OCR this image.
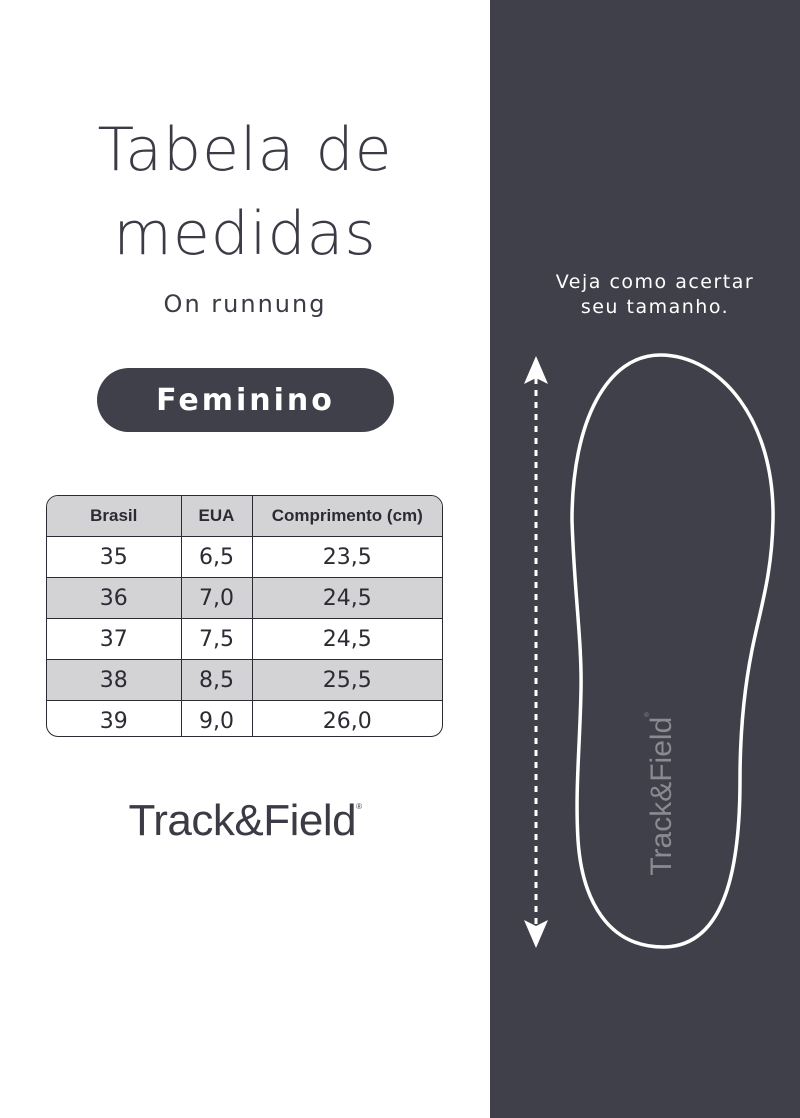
Tabela de
medidas
On runnung
Feminino
Brasil	EUA	Comprimento (cm)
35	6,5	23,5
36	7,0	24,5
37	7,5	24,5
38	8,5	25,5
39	9,0	26,0
Track&Field®
Veja como acertar
seu tamanho.
Track&Field®
